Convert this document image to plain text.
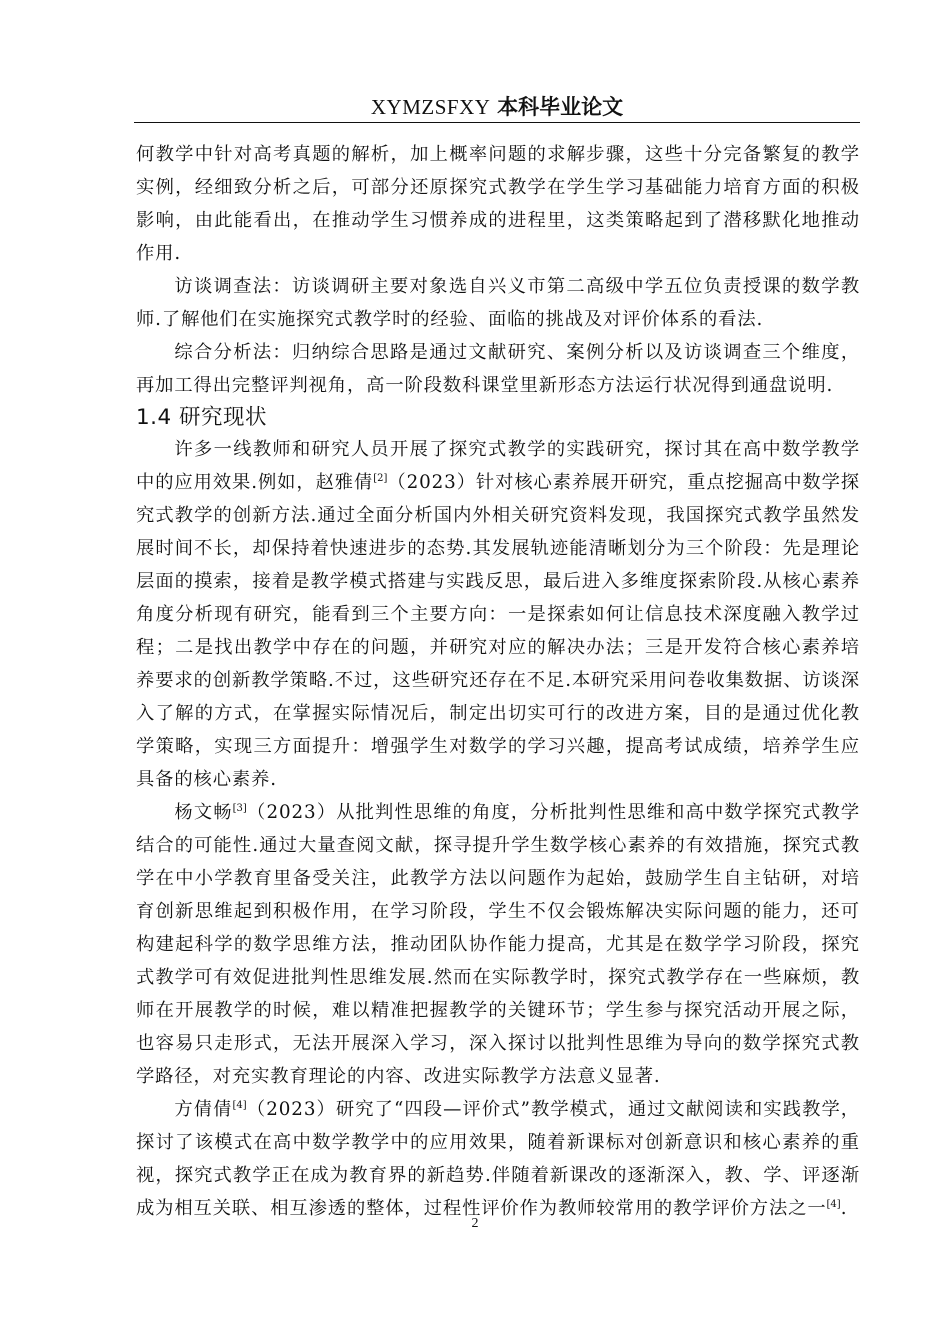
XYMZSFXY 本科毕业论文

何教学中针对高考真题的解析，加上概率问题的求解步骤，这些十分完备繁复的教学实例，经细致分析之后，可部分还原探究式教学在学生学习基础能力培育方面的积极影响，由此能看出，在推动学生习惯养成的进程里，这类策略起到了潜移默化地推动作用.

访谈调查法：访谈调研主要对象选自兴义市第二高级中学五位负责授课的数学教师.了解他们在实施探究式教学时的经验、面临的挑战及对评价体系的看法.

综合分析法：归纳综合思路是通过文献研究、案例分析以及访谈调查三个维度，再加工得出完整评判视角，高一阶段数科课堂里新形态方法运行状况得到通盘说明.

1.4 研究现状

许多一线教师和研究人员开展了探究式教学的实践研究，探讨其在高中数学教学中的应用效果.例如，赵雅倩[2]（2023）针对核心素养展开研究，重点挖掘高中数学探究式教学的创新方法.通过全面分析国内外相关研究资料发现，我国探究式教学虽然发展时间不长，却保持着快速进步的态势.其发展轨迹能清晰划分为三个阶段：先是理论层面的摸索，接着是教学模式搭建与实践反思，最后进入多维度探索阶段.从核心素养角度分析现有研究，能看到三个主要方向：一是探索如何让信息技术深度融入教学过程；二是找出教学中存在的问题，并研究对应的解决办法；三是开发符合核心素养培养要求的创新教学策略.不过，这些研究还存在不足.本研究采用问卷收集数据、访谈深入了解的方式，在掌握实际情况后，制定出切实可行的改进方案，目的是通过优化教学策略，实现三方面提升：增强学生对数学的学习兴趣，提高考试成绩，培养学生应具备的核心素养.

杨文畅[3]（2023）从批判性思维的角度，分析批判性思维和高中数学探究式教学结合的可能性.通过大量查阅文献，探寻提升学生数学核心素养的有效措施，探究式教学在中小学教育里备受关注，此教学方法以问题作为起始，鼓励学生自主钻研，对培育创新思维起到积极作用，在学习阶段，学生不仅会锻炼解决实际问题的能力，还可构建起科学的数学思维方法，推动团队协作能力提高，尤其是在数学学习阶段，探究式教学可有效促进批判性思维发展.然而在实际教学时，探究式教学存在一些麻烦，教师在开展教学的时候，难以精准把握教学的关键环节；学生参与探究活动开展之际，也容易只走形式，无法开展深入学习，深入探讨以批判性思维为导向的数学探究式教学路径，对充实教育理论的内容、改进实际教学方法意义显著.

方倩倩[4]（2023）研究了“四段—评价式”教学模式，通过文献阅读和实践教学，探讨了该模式在高中数学教学中的应用效果，随着新课标对创新意识和核心素养的重视，探究式教学正在成为教育界的新趋势.伴随着新课改的逐渐深入，教、学、评逐渐成为相互关联、相互渗透的整体，过程性评价作为教师较常用的教学评价方法之一[4].

2
